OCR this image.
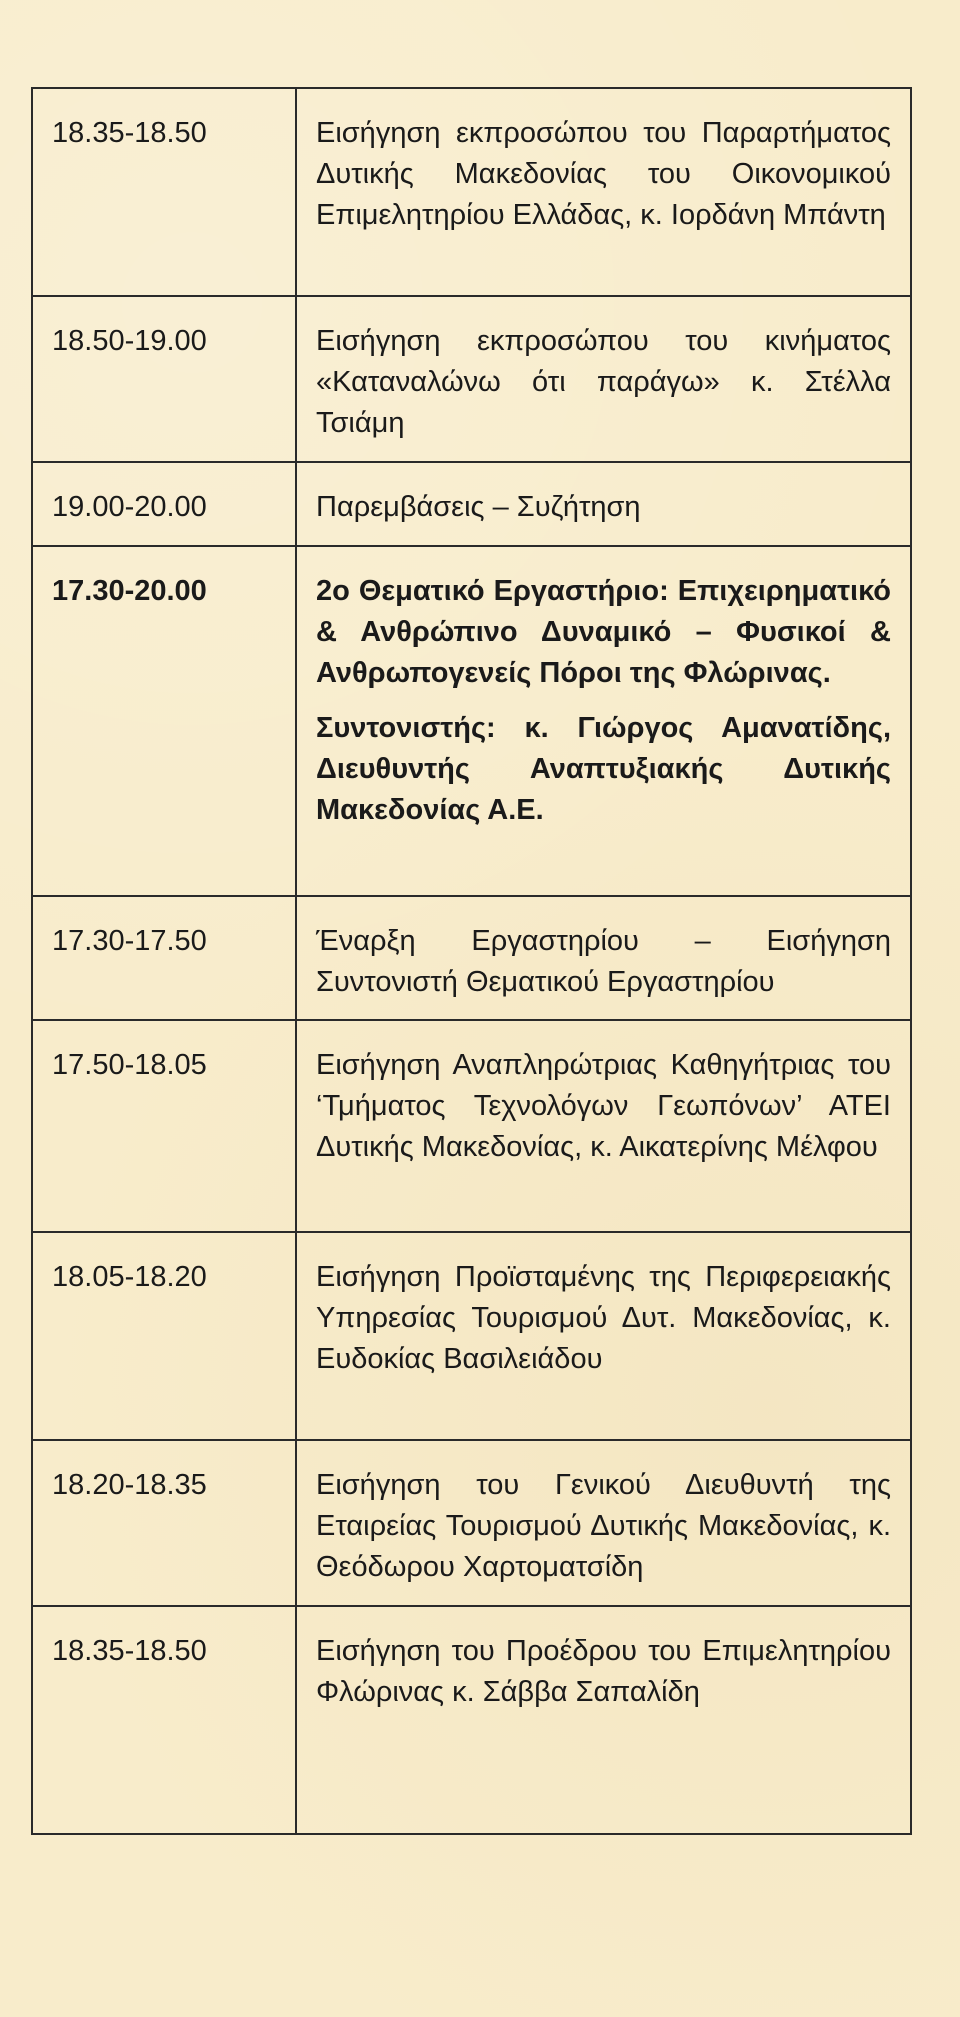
18.35-18.50	Εισήγηση εκπροσώπου του Παραρτήματος Δυτικής Μακεδονίας του Οικονομικού Επιμελητηρίου Ελλάδας, κ. Ιορδάνη Μπάντη

18.50-19.00	Εισήγηση εκπροσώπου του κινήματος «Καταναλώνω ότι παράγω» κ. Στέλλα Τσιάμη

19.00-20.00	Παρεμβάσεις – Συζήτηση

17.30-20.00	2ο Θεματικό Εργαστήριο: Επιχειρηματικό & Ανθρώπινο Δυναμικό – Φυσικοί & Ανθρωπογενείς Πόροι της Φλώρινας.

Συντονιστής: κ. Γιώργος Αμανατίδης, Διευθυντής Αναπτυξιακής Δυτικής Μακεδονίας Α.Ε.

17.30-17.50	Έναρξη Εργαστηρίου – Εισήγηση Συντονιστή Θεματικού Εργαστηρίου

17.50-18.05	Εισήγηση Αναπληρώτριας Καθηγήτριας του ‘Τμήματος Τεχνολόγων Γεωπόνων’ ΑΤΕΙ Δυτικής Μακεδονίας, κ. Αικατερίνης Μέλφου

18.05-18.20	Εισήγηση Προϊσταμένης της Περιφερειακής Υπηρεσίας Τουρισμού Δυτ. Μακεδονίας, κ. Ευδοκίας Βασιλειάδου

18.20-18.35	Εισήγηση του Γενικού Διευθυντή της Εταιρείας Τουρισμού Δυτικής Μακεδονίας, κ. Θεόδωρου Χαρτοματσίδη

18.35-18.50	Εισήγηση του Προέδρου του Επιμελητηρίου Φλώρινας κ. Σάββα Σαπαλίδη
